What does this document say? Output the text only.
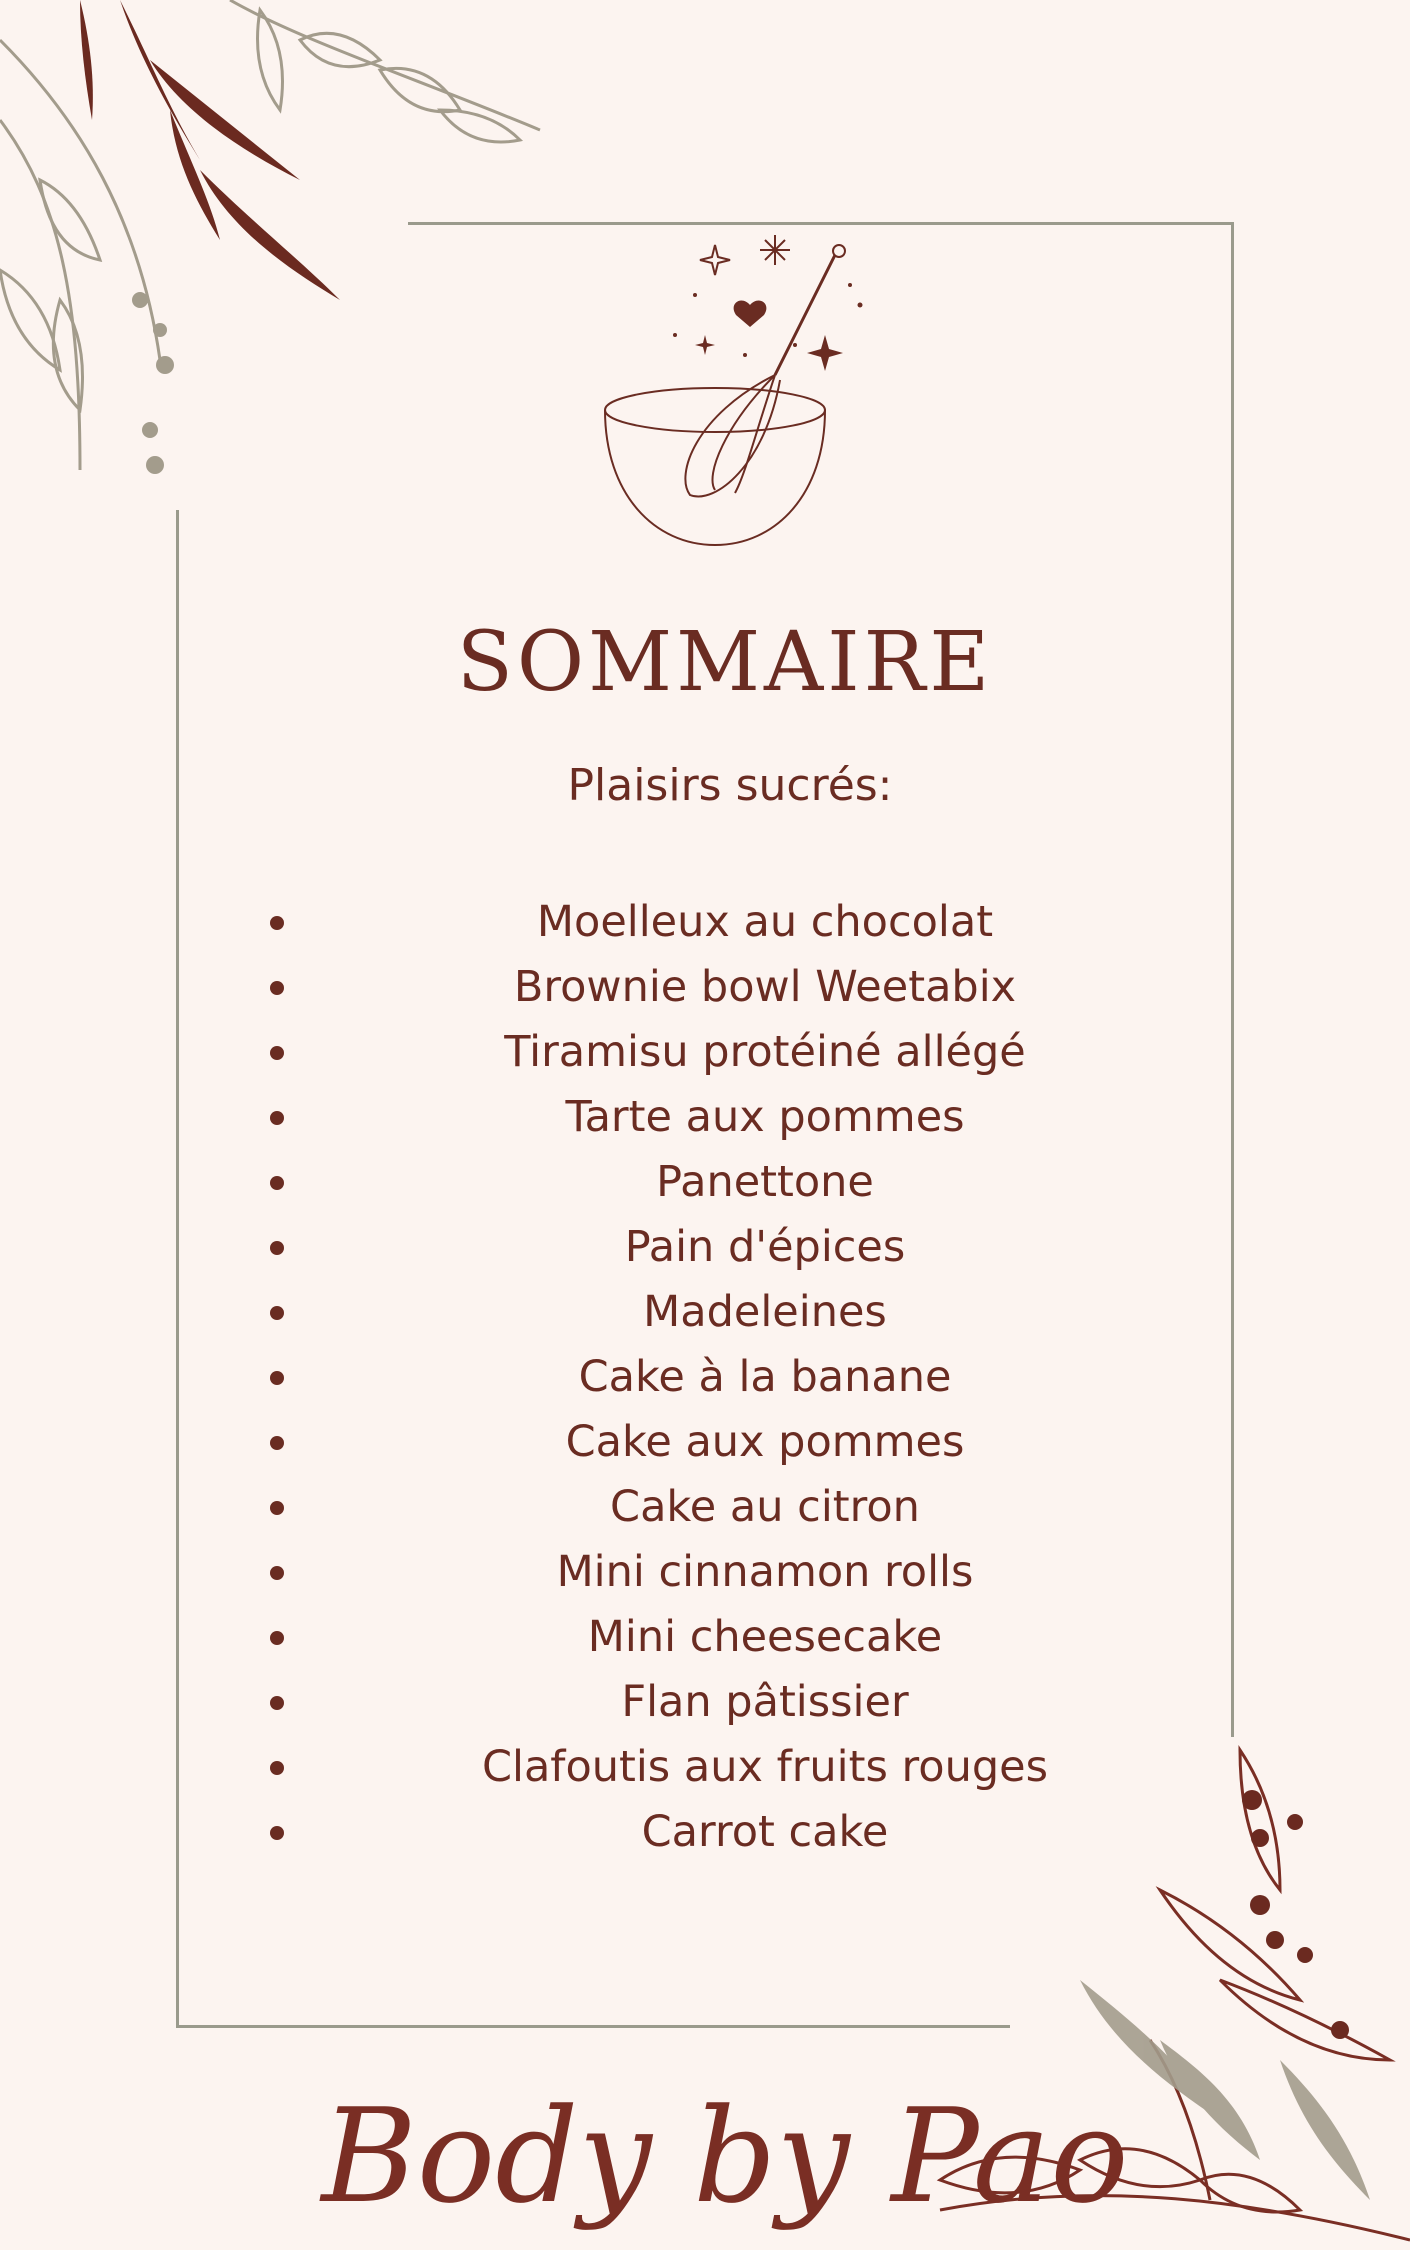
SOMMAIRE
Plaisirs sucrés:
Moelleux au chocolat
Brownie bowl Weetabix
Tiramisu protéiné allégé
Tarte aux pommes
Panettone
Pain d'épices
Madeleines
Cake à la banane
Cake aux pommes
Cake au citron
Mini cinnamon rolls
Mini cheesecake
Flan pâtissier
Clafoutis aux fruits rouges
Carrot cake
Body by Pao
